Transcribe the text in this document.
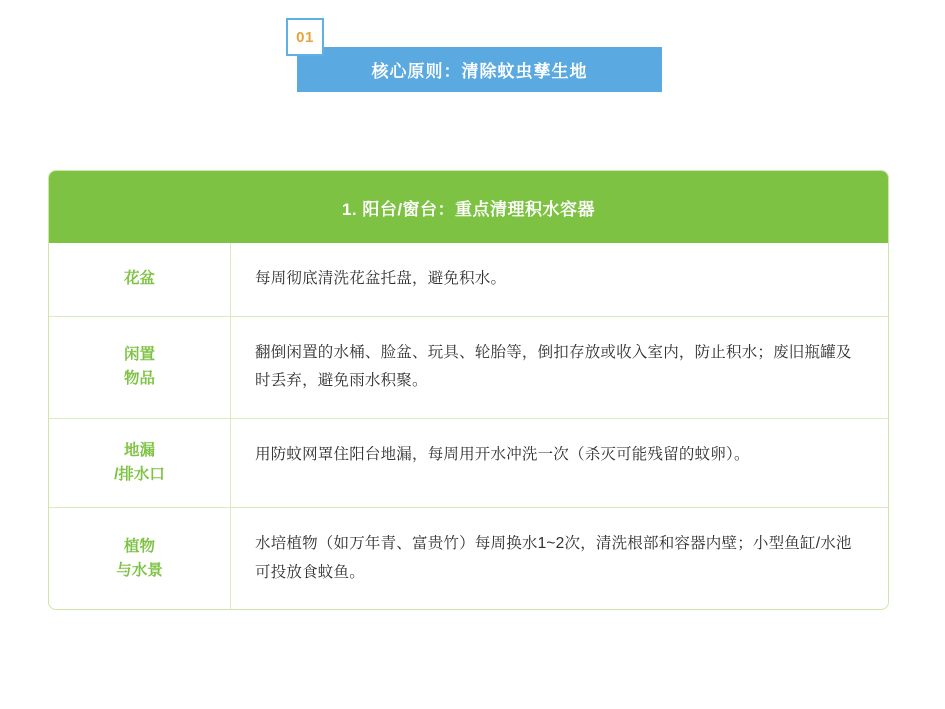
01
核心原则：清除蚊虫孳生地
1. 阳台/窗台：重点清理积水容器
花盆	每周彻底清洗花盆托盘，避免积水。
闲置
物品
翻倒闲置的水桶、脸盆、玩具、轮胎等，倒扣存放或收入室内，防止积水；废旧瓶罐及时丢弃，避免雨水积聚。
地漏
/排水口
用防蚊网罩住阳台地漏，每周用开水冲洗一次（杀灭可能残留的蚊卵）。
植物
与水景
水培植物（如万年青、富贵竹）每周换水1~2次，清洗根部和容器内壁；小型鱼缸/水池可投放食蚊鱼。
